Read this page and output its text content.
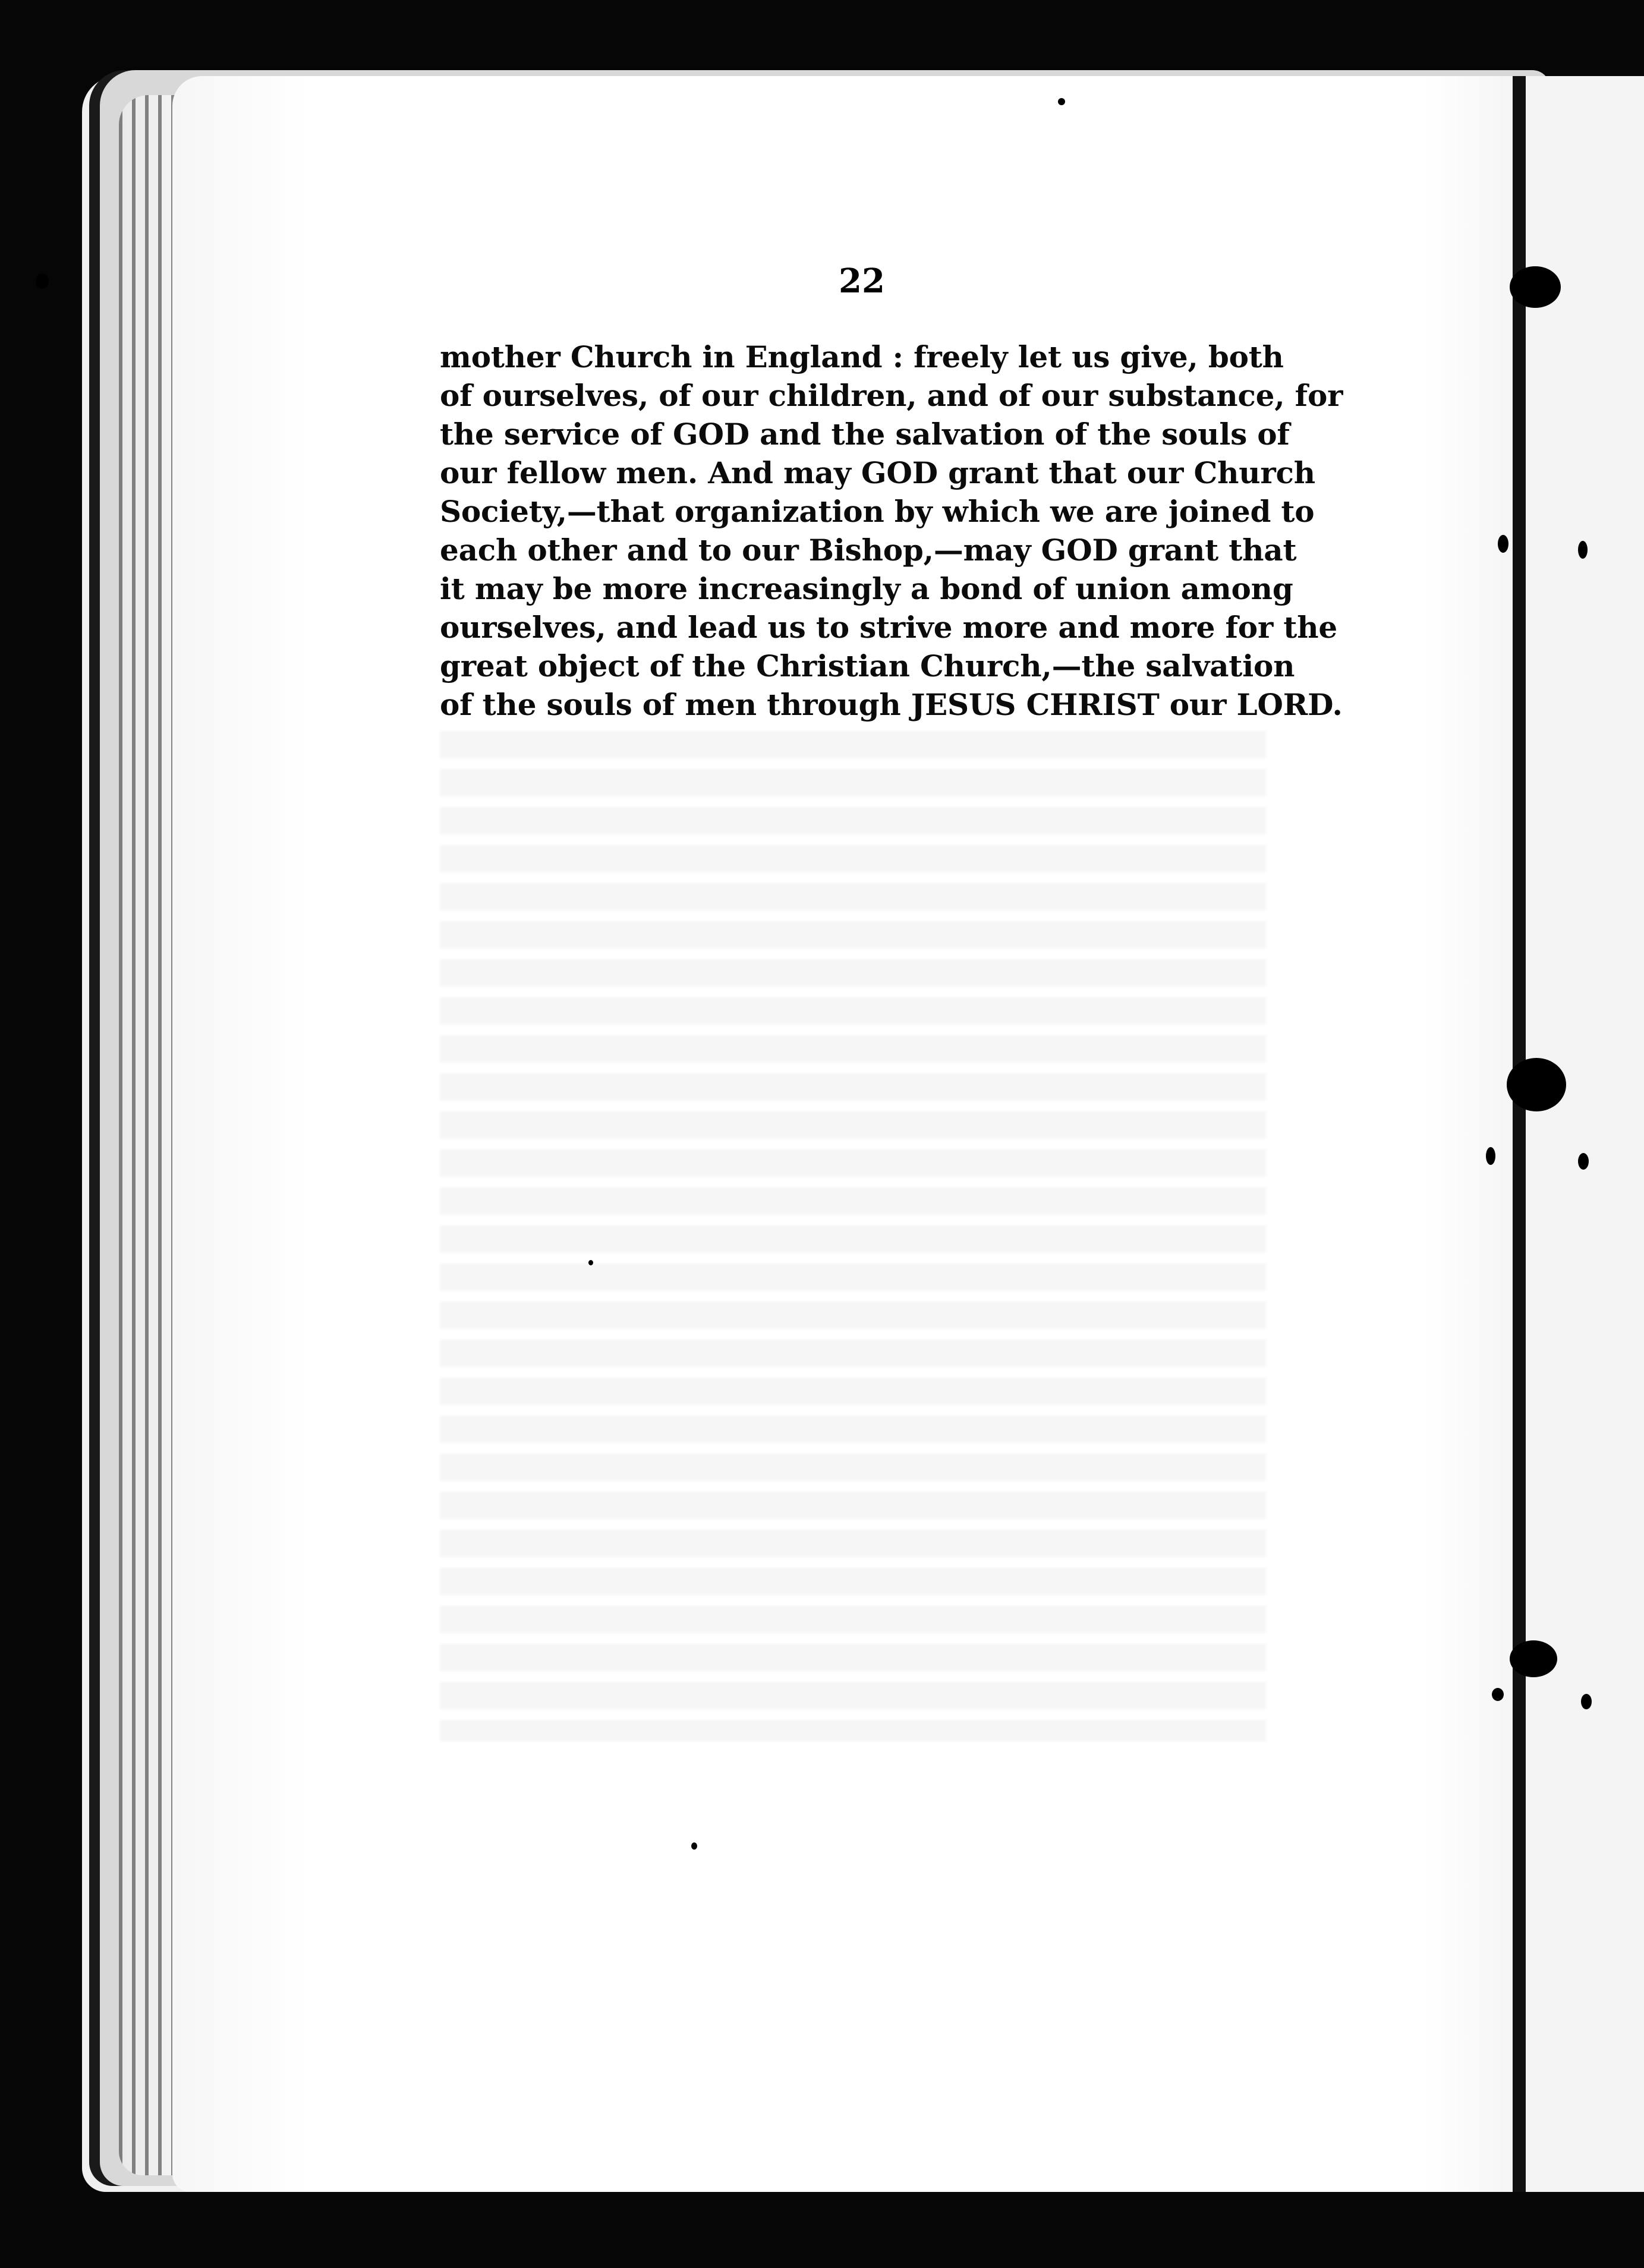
22
mother Church in England : freely let us give, both
of ourselves, of our children, and of our substance, for
the service of GOD and the salvation of the souls of
our fellow men. And may GOD grant that our Church
Society,—that organization by which we are joined to
each other and to our Bishop,—may GOD grant that
it may be more increasingly a bond of union among
ourselves, and lead us to strive more and more for the
great object of the Christian Church,—the salvation
of the souls of men through JESUS CHRIST our LORD.
